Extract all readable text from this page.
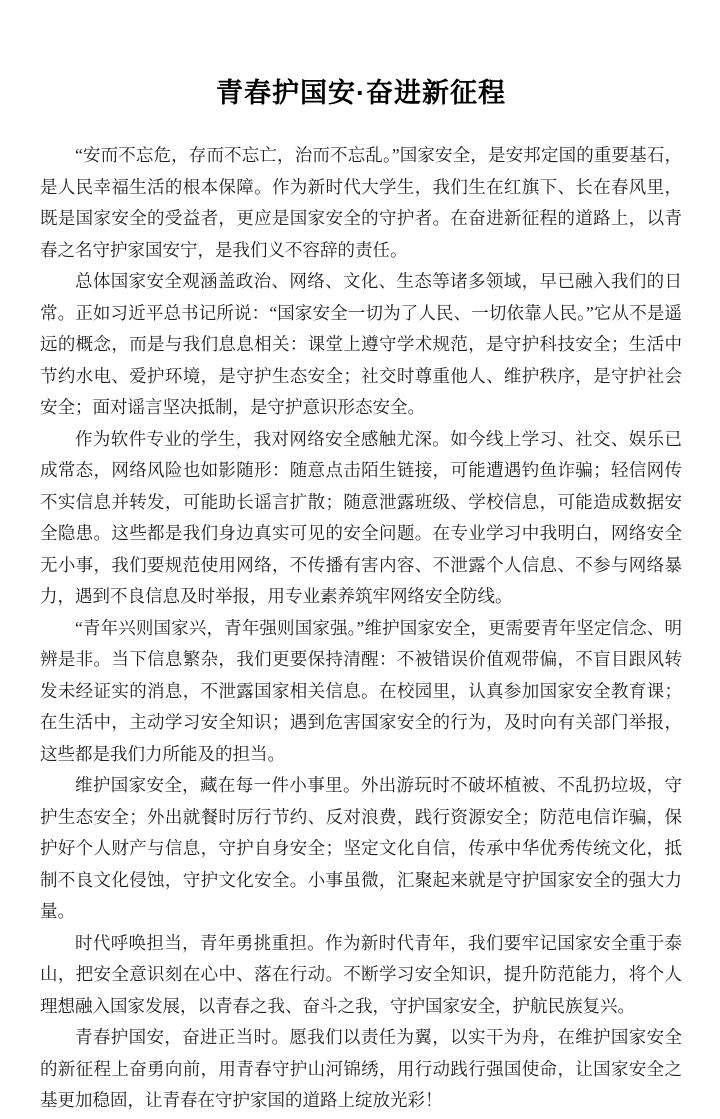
青春护国安·奋进新征程

“安而不忘危，存而不忘亡，治而不忘乱。”国家安全，是安邦定国的重要基石，是人民幸福生活的根本保障。作为新时代大学生，我们生在红旗下、长在春风里，既是国家安全的受益者，更应是国家安全的守护者。在奋进新征程的道路上，以青春之名守护家国安宁，是我们义不容辞的责任。

总体国家安全观涵盖政治、网络、文化、生态等诸多领域，早已融入我们的日常。正如习近平总书记所说：“国家安全一切为了人民、一切依靠人民。”它从不是遥远的概念，而是与我们息息相关：课堂上遵守学术规范，是守护科技安全；生活中节约水电、爱护环境，是守护生态安全；社交时尊重他人、维护秩序，是守护社会安全；面对谣言坚决抵制，是守护意识形态安全。

作为软件专业的学生，我对网络安全感触尤深。如今线上学习、社交、娱乐已成常态，网络风险也如影随形：随意点击陌生链接，可能遭遇钓鱼诈骗；轻信网传不实信息并转发，可能助长谣言扩散；随意泄露班级、学校信息，可能造成数据安全隐患。这些都是我们身边真实可见的安全问题。在专业学习中我明白，网络安全无小事，我们要规范使用网络，不传播有害内容、不泄露个人信息、不参与网络暴力，遇到不良信息及时举报，用专业素养筑牢网络安全防线。

“青年兴则国家兴，青年强则国家强。”维护国家安全，更需要青年坚定信念、明辨是非。当下信息繁杂，我们更要保持清醒：不被错误价值观带偏，不盲目跟风转发未经证实的消息，不泄露国家相关信息。在校园里，认真参加国家安全教育课；在生活中，主动学习安全知识；遇到危害国家安全的行为，及时向有关部门举报，这些都是我们力所能及的担当。

维护国家安全，藏在每一件小事里。外出游玩时不破坏植被、不乱扔垃圾，守护生态安全；外出就餐时厉行节约、反对浪费，践行资源安全；防范电信诈骗，保护好个人财产与信息，守护自身安全；坚定文化自信，传承中华优秀传统文化，抵制不良文化侵蚀，守护文化安全。小事虽微，汇聚起来就是守护国家安全的强大力量。

时代呼唤担当，青年勇挑重担。作为新时代青年，我们要牢记国家安全重于泰山，把安全意识刻在心中、落在行动。不断学习安全知识，提升防范能力，将个人理想融入国家发展，以青春之我、奋斗之我，守护国家安全，护航民族复兴。

青春护国安，奋进正当时。愿我们以责任为翼，以实干为舟，在维护国家安全的新征程上奋勇向前，用青春守护山河锦绣，用行动践行强国使命，让国家安全之基更加稳固，让青春在守护家国的道路上绽放光彩！
